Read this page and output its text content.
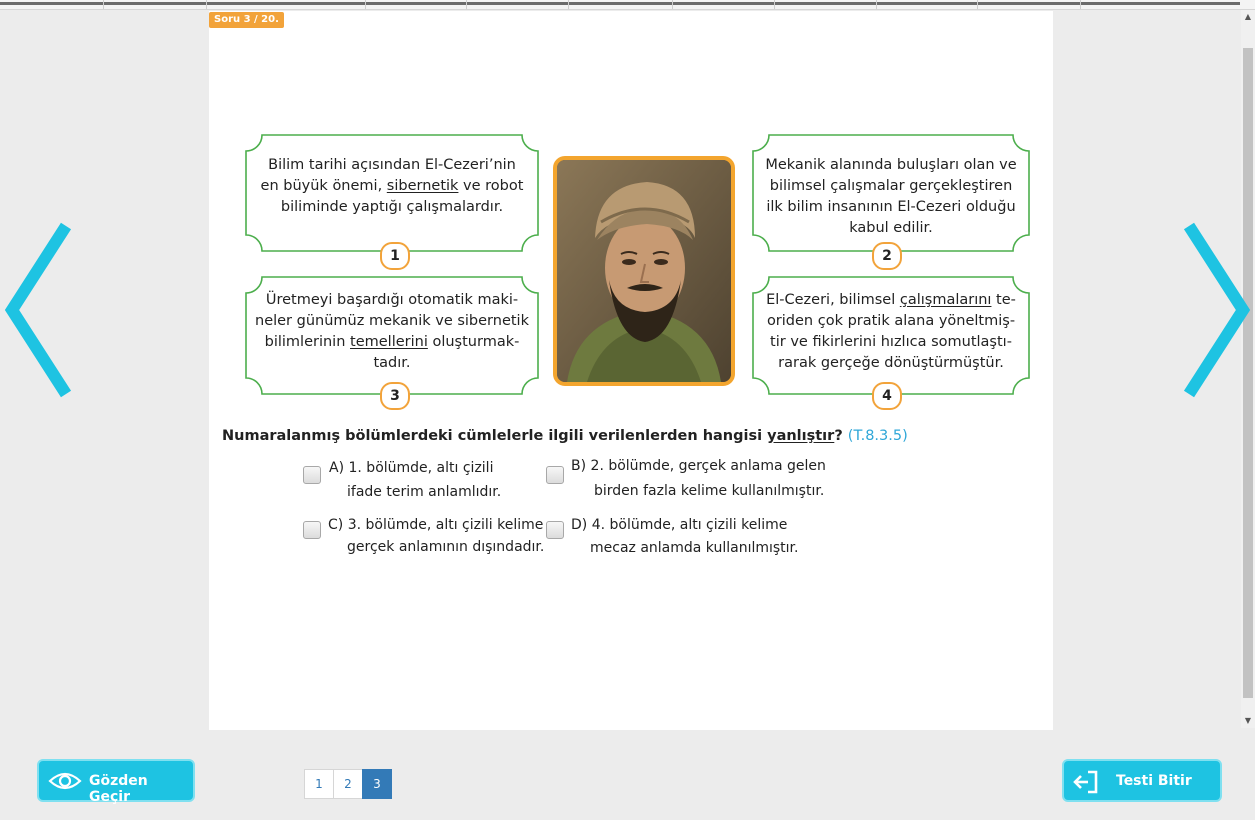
▲
▼
Soru 3 / 20.
Bilim tarihi açısından El-Cezeri’nin
en büyük önemi, sibernetik ve robot
biliminde yaptığı çalışmalardır.
Mekanik alanında buluşları olan ve
bilimsel çalışmalar gerçekleştiren
ilk bilim insanının El-Cezeri olduğu
kabul edilir.
Üretmeyi başardığı otomatik maki-
neler günümüz mekanik ve sibernetik
bilimlerinin temellerini oluşturmak-
tadır.
El-Cezeri, bilimsel çalışmalarını te-
oriden çok pratik alana yöneltmiş-
tir ve fikirlerini hızlıca somutlaştı-
rarak gerçeğe dönüştürmüştür.
1	2
3	4
Numaralanmış bölümlerdeki cümlelerle ilgili verilenlerden hangisi yanlıştır? (T.8.3.5)
A) 1. bölümde, altı çizili
ifade terim anlamlıdır.
B) 2. bölümde, gerçek anlama gelen
birden fazla kelime kullanılmıştır.
C) 3. bölümde, altı çizili kelime
gerçek anlamının dışındadır.
D) 4. bölümde, altı çizili kelime
mecaz anlamda kullanılmıştır.
Gözden Geçir
1	2	3	Testi Bitir
